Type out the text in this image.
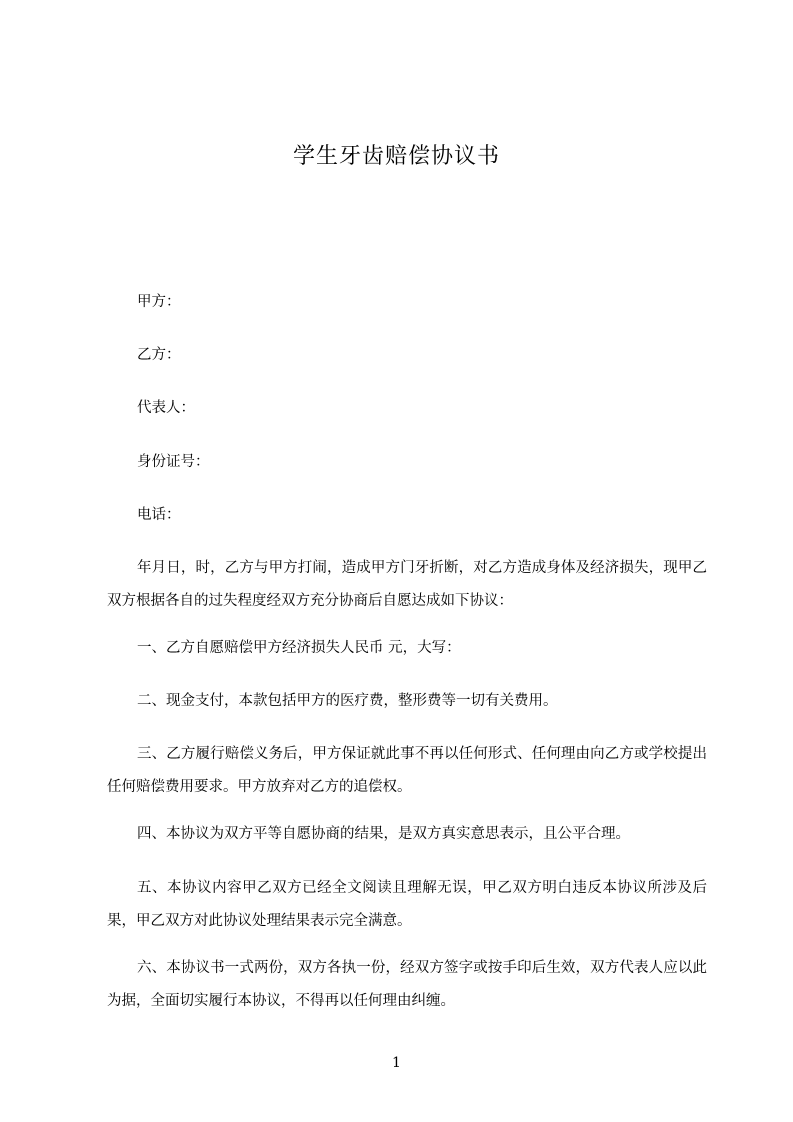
学生牙齿赔偿协议书
甲方：
乙方：
代表人：
身份证号：
电话：
年月日，时，乙方与甲方打闹，造成甲方门牙折断，对乙方造成身体及经济损失，现甲乙双方根据各自的过失程度经双方充分协商后自愿达成如下协议：
一、乙方自愿赔偿甲方经济损失人民币 元，大写：
二、现金支付，本款包括甲方的医疗费，整形费等一切有关费用。
三、乙方履行赔偿义务后，甲方保证就此事不再以任何形式、任何理由向乙方或学校提出任何赔偿费用要求。甲方放弃对乙方的追偿权。
四、本协议为双方平等自愿协商的结果，是双方真实意思表示，且公平合理。
五、本协议内容甲乙双方已经全文阅读且理解无误，甲乙双方明白违反本协议所涉及后果，甲乙双方对此协议处理结果表示完全满意。
六、本协议书一式两份，双方各执一份，经双方签字或按手印后生效，双方代表人应以此为据，全面切实履行本协议，不得再以任何理由纠缠。
1
